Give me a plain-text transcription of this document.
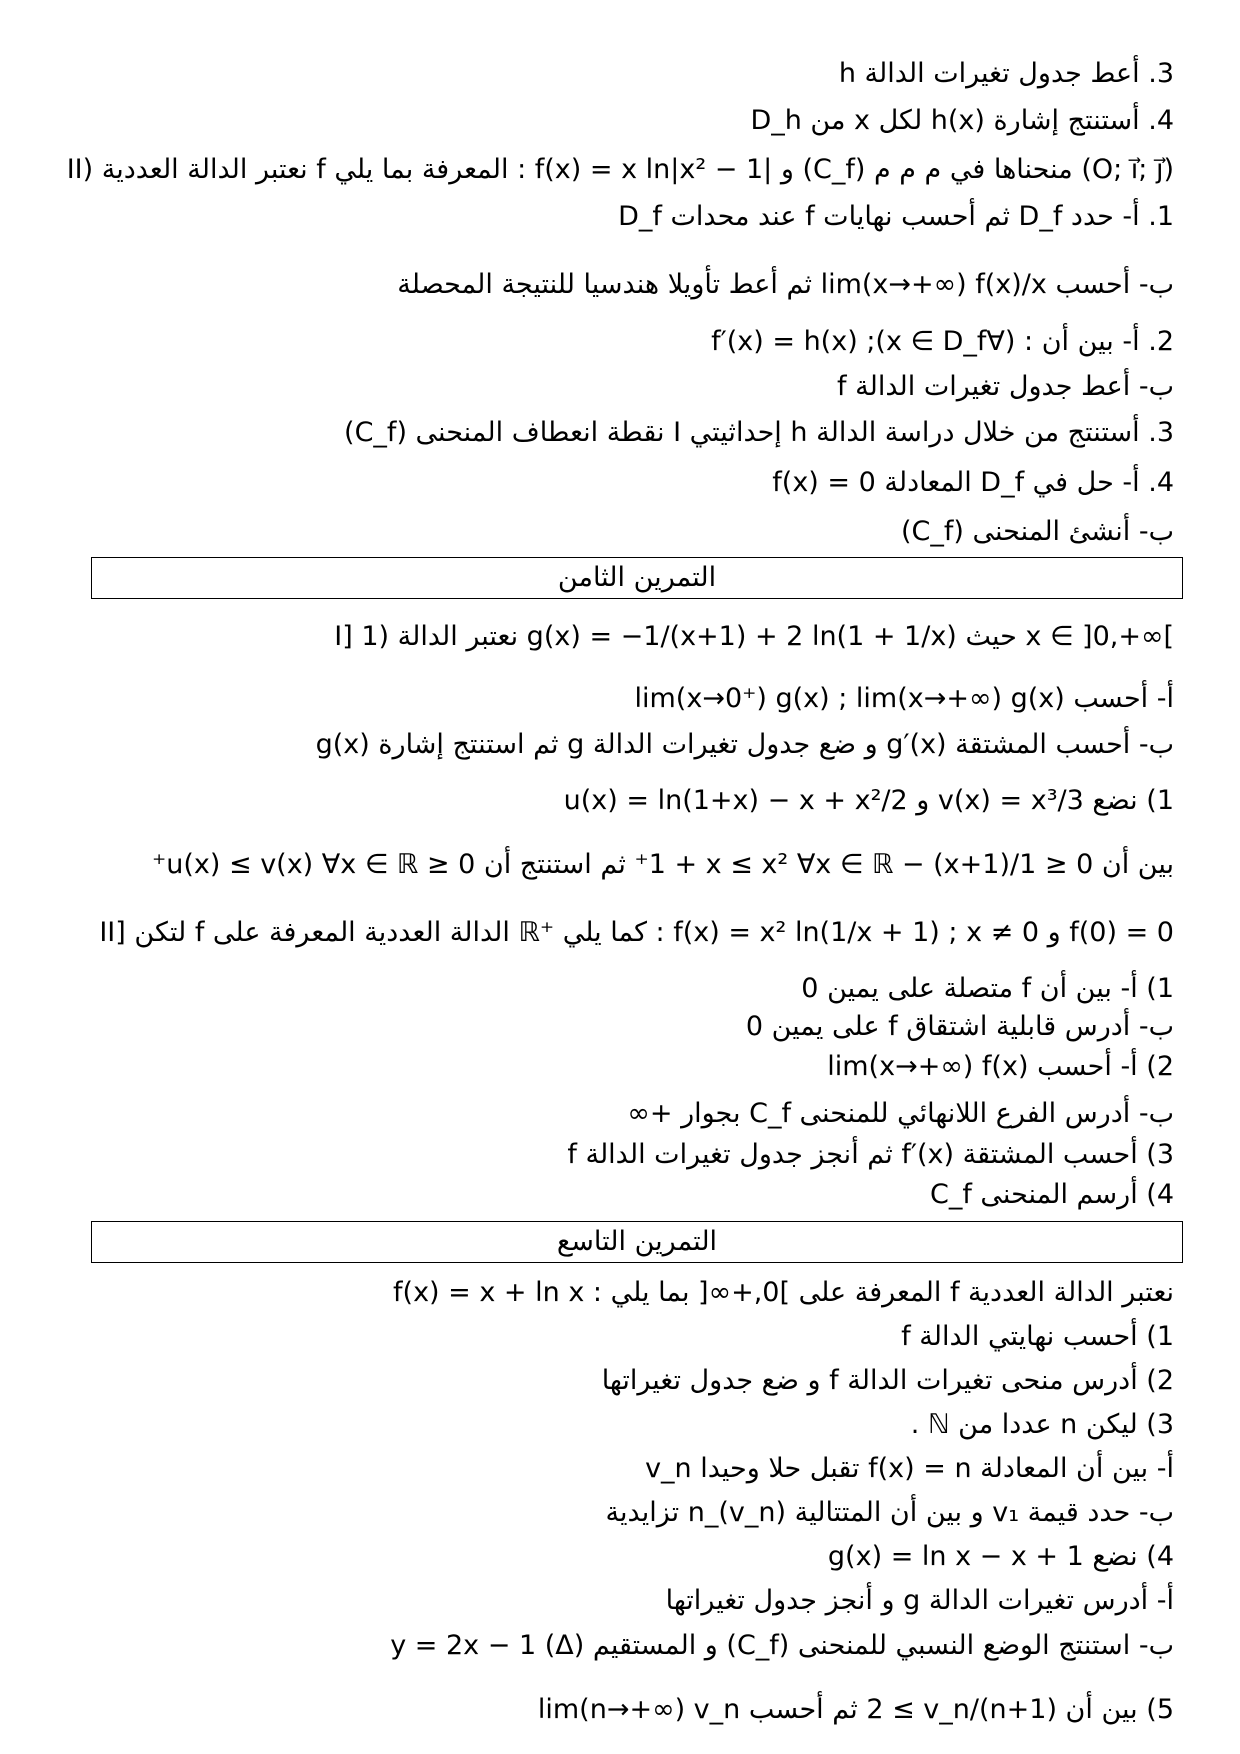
3. أعط جدول تغيرات الدالة h
4. أستنتج إشارة h(x) لكل x من D_h
II) نعتبر الدالة العددية f المعرفة بما يلي : f(x) = x ln|x² − 1| و (C_f) منحناها في م م م (O; i⃗; j⃗)
1. أ- حدد D_f ثم أحسب نهايات f عند محدات D_f
ب- أحسب lim(x→+∞) f(x)/x ثم أعط تأويلا هندسيا للنتيجة المحصلة
2. أ- بين أن : (∀x ∈ D_f); f′(x) = h(x)
ب- أعط جدول تغيرات الدالة f
3. أستنتج من خلال دراسة الدالة h إحداثيتي I نقطة انعطاف المنحنى (C_f)
4. أ- حل في D_f المعادلة f(x) = 0
ب- أنشئ المنحنى (C_f)
التمرين الثامن
I] 1) نعتبر الدالة g(x) = −1/(x+1) + 2 ln(1 + 1/x) حيث x ∈ ]0,+∞[
أ- أحسب lim(x→0⁺) g(x) ; lim(x→+∞) g(x)
ب- أحسب المشتقة g′(x) و ضع جدول تغيرات الدالة g ثم استنتج إشارة g(x)
1) نضع v(x) = x³/3 و u(x) = ln(1+x) − x + x²/2
بين أن 0 ≤ 1/(1+x) − 1 + x ≤ x² ∀x ∈ ℝ⁺ ثم استنتج أن 0 ≤ u(x) ≤ v(x) ∀x ∈ ℝ⁺
II] لتكن f الدالة العددية المعرفة على ℝ⁺ كما يلي : f(x) = x² ln(1/x + 1) ; x ≠ 0 و f(0) = 0
1) أ- بين أن f متصلة على يمين 0
ب- أدرس قابلية اشتقاق f على يمين 0
2) أ- أحسب lim(x→+∞) f(x)
ب- أدرس الفرع اللانهائي للمنحنى C_f بجوار +∞
3) أحسب المشتقة f′(x) ثم أنجز جدول تغيرات الدالة f
4) أرسم المنحنى C_f
التمرين التاسع
نعتبر الدالة العددية f المعرفة على ]0,+∞[ بما يلي : f(x) = x + ln x
1) أحسب نهايتي الدالة f
2) أدرس منحى تغيرات الدالة f و ضع جدول تغيراتها
3) ليكن n عددا من ℕ .
أ- بين أن المعادلة f(x) = n تقبل حلا وحيدا v_n
ب- حدد قيمة v₁ و بين أن المتتالية (v_n)_n تزايدية
4) نضع g(x) = ln x − x + 1
أ- أدرس تغيرات الدالة g و أنجز جدول تغيراتها
ب- استنتج الوضع النسبي للمنحنى (C_f) و المستقيم (Δ) y = 2x − 1
5) بين أن (n+1)/2 ≤ v_n ثم أحسب lim(n→+∞) v_n
